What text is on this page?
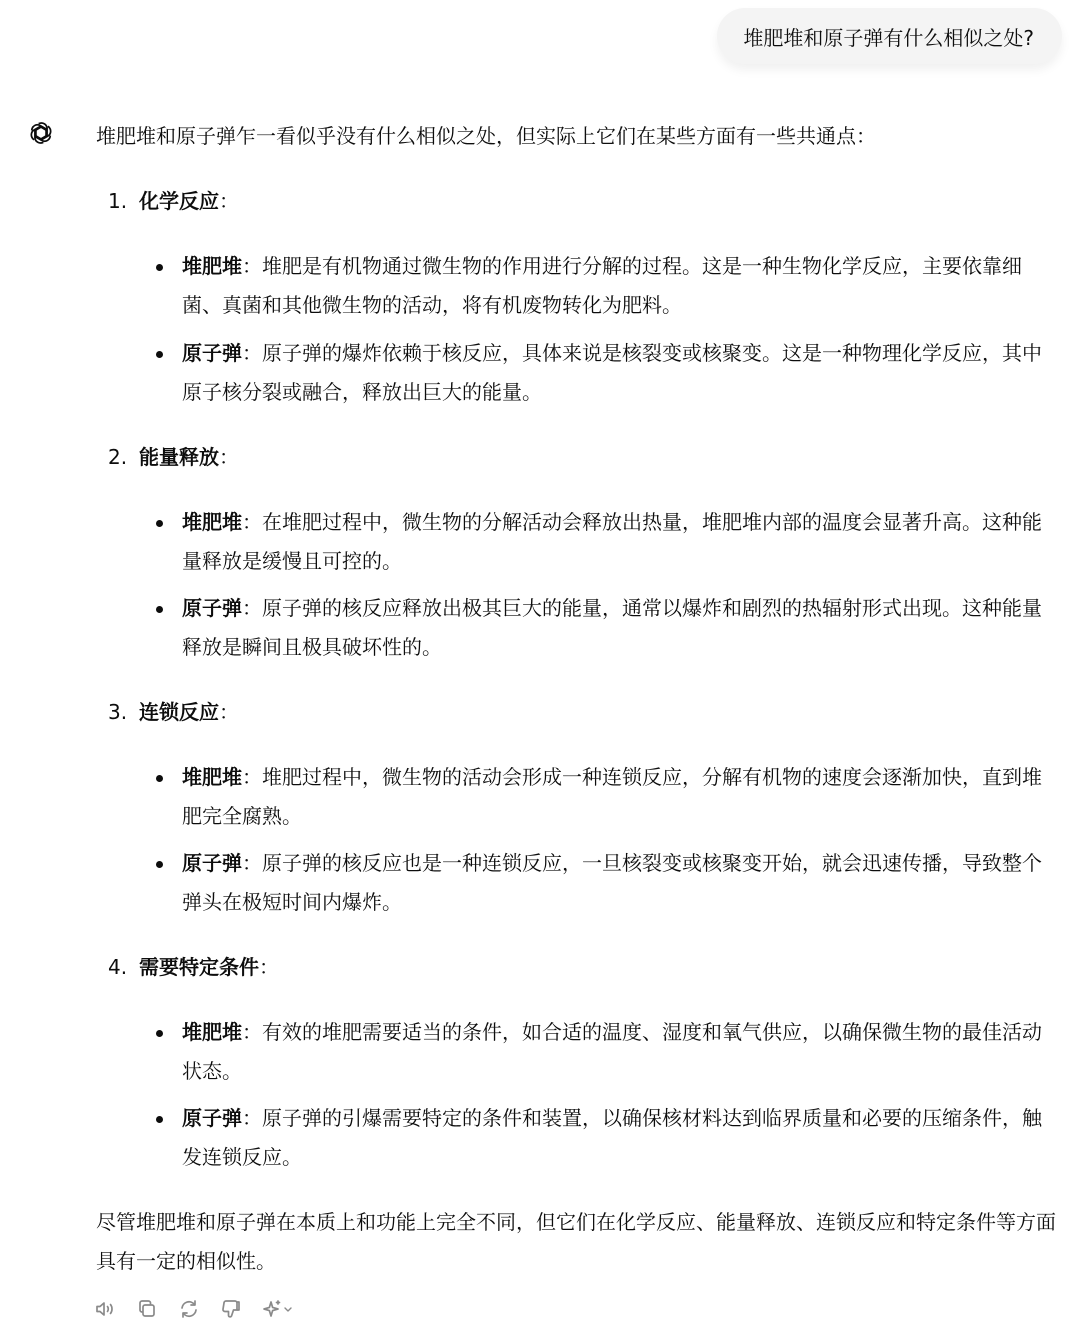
堆肥堆和原子弹有什么相似之处?
堆肥堆和原子弹乍一看似乎没有什么相似之处，但实际上它们在某些方面有一些共通点：
1. 化学反应：
堆肥堆：堆肥是有机物通过微生物的作用进行分解的过程。这是一种生物化学反应，主要依靠细菌、真菌和其他微生物的活动，将有机废物转化为肥料。
原子弹：原子弹的爆炸依赖于核反应，具体来说是核裂变或核聚变。这是一种物理化学反应，其中原子核分裂或融合，释放出巨大的能量。
2. 能量释放：
堆肥堆：在堆肥过程中，微生物的分解活动会释放出热量，堆肥堆内部的温度会显著升高。这种能量释放是缓慢且可控的。
原子弹：原子弹的核反应释放出极其巨大的能量，通常以爆炸和剧烈的热辐射形式出现。这种能量释放是瞬间且极具破坏性的。
3. 连锁反应：
堆肥堆：堆肥过程中，微生物的活动会形成一种连锁反应，分解有机物的速度会逐渐加快，直到堆肥完全腐熟。
原子弹：原子弹的核反应也是一种连锁反应，一旦核裂变或核聚变开始，就会迅速传播，导致整个弹头在极短时间内爆炸。
4. 需要特定条件：
堆肥堆：有效的堆肥需要适当的条件，如合适的温度、湿度和氧气供应，以确保微生物的最佳活动状态。
原子弹：原子弹的引爆需要特定的条件和装置，以确保核材料达到临界质量和必要的压缩条件，触发连锁反应。
尽管堆肥堆和原子弹在本质上和功能上完全不同，但它们在化学反应、能量释放、连锁反应和特定条件等方面具有一定的相似性。
